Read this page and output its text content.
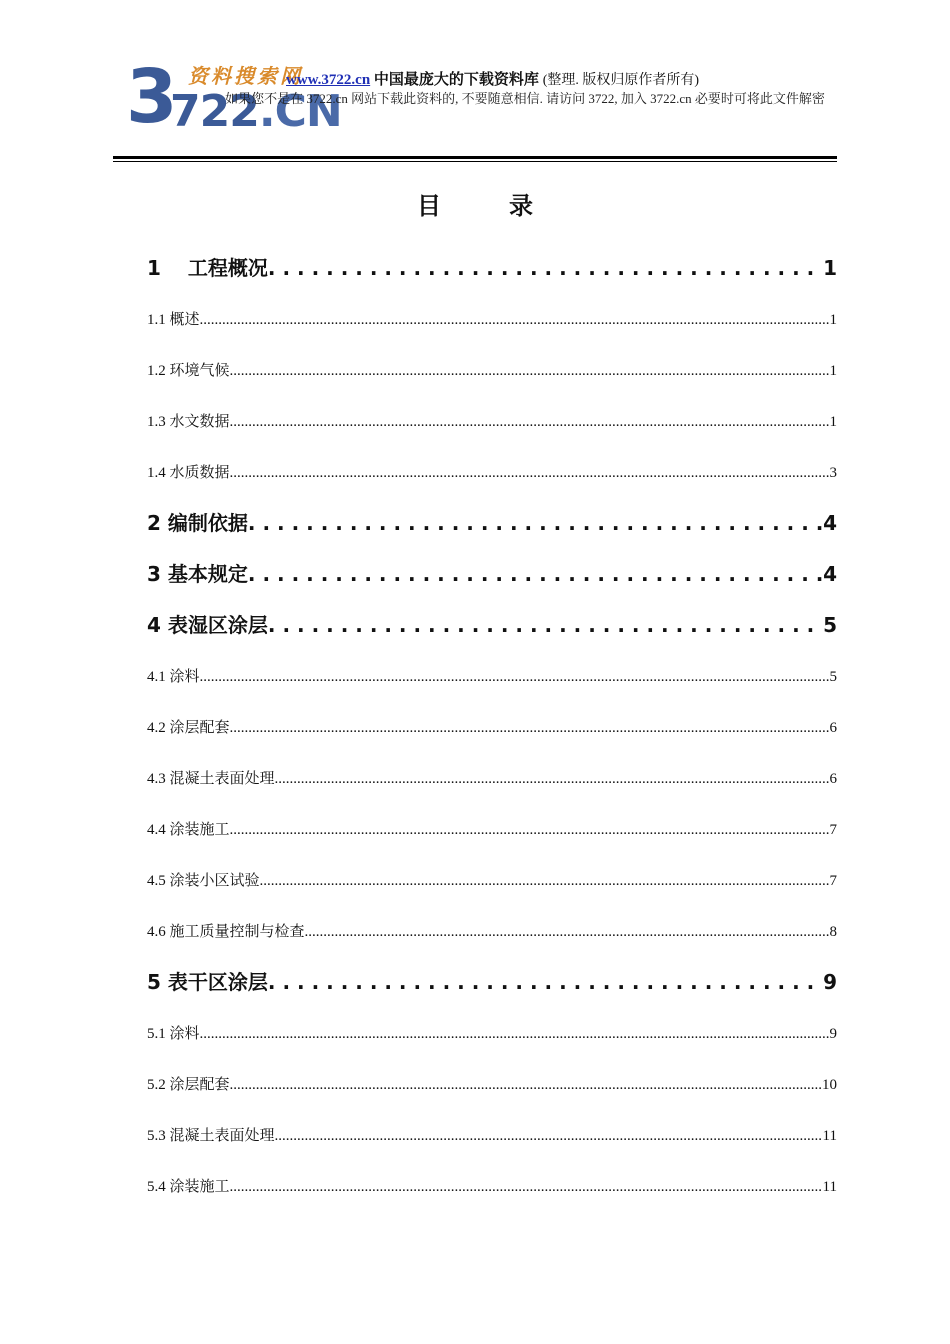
3
722.CN
资料搜索网
www.3722.cn 中国最庞大的下载资料库 (整理. 版权归原作者所有)
如果您不是在 3722.cn 网站下载此资料的, 不要随意相信. 请访问 3722, 加入 3722.cn 必要时可将此文件解密
目录
1　 工程概况 . . .	1
1.1 概述 .....	1
1.2 环境气候 .....	1
1.3 水文数据 .....	1
1.4 水质数据 .....	3
2 编制依据 . . .	4
3 基本规定 . . .	4
4 表湿区涂层 . . .	5
4.1 涂料 .....	5
4.2 涂层配套 .....	6
4.3 混凝土表面处理 .....	6
4.4 涂装施工 .....	7
4.5 涂装小区试验 .....	7
4.6 施工质量控制与检查 .....	8
5 表干区涂层 . . .	9
5.1 涂料 .....	9
5.2 涂层配套 .....	10
5.3 混凝土表面处理 .....	11
5.4 涂装施工 .....	11
